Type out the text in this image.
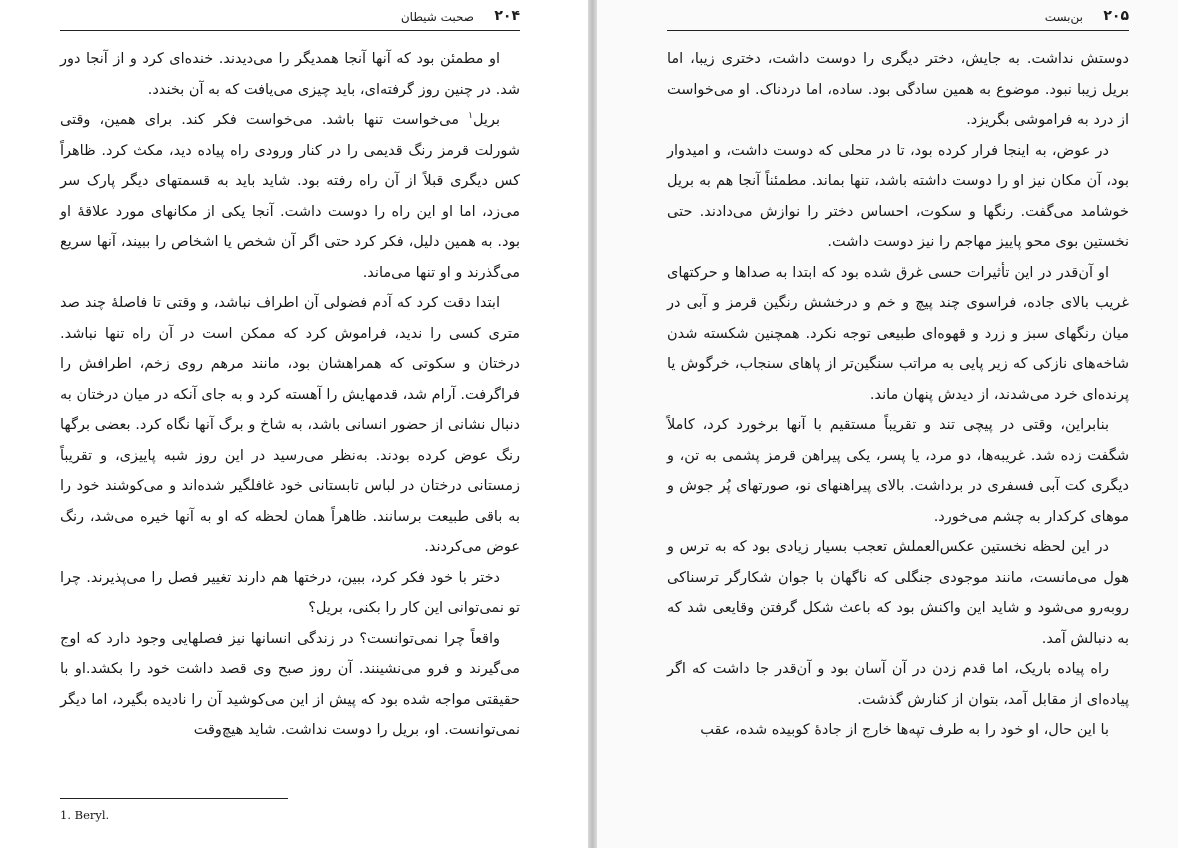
۲۰۴
صحبت شیطان

او مطمئن بود که آنها آنجا همدیگر را می‌دیدند. خنده‌ای کرد و از آنجا دور شد. در چنین روز گرفته‌ای، باید چیزی می‌یافت که به آن بخندد.

بریل$^۱$ می‌خواست تنها باشد. می‌خواست فکر کند. برای همین، وقتی شورلت قرمز رنگ قدیمی را در کنار ورودی راه پیاده دید، مکث کرد. ظاهراً کس دیگری قبلاً از آن راه رفته بود. شاید باید به قسمتهای دیگر پارک سر می‌زد، اما او این راه را دوست داشت. آنجا یکی از مکانهای مورد علاقهٔ او بود. به همین دلیل، فکر کرد حتی اگر آن شخص یا اشخاص را ببیند، آنها سریع می‌گذرند و او تنها می‌ماند.

ابتدا دقت کرد که آدم فضولی آن اطراف نباشد، و وقتی تا فاصلهٔ چند صد متری کسی را ندید، فراموش کرد که ممکن است در آن راه تنها نباشد. درختان و سکوتی که همراهشان بود، مانند مرهم روی زخم، اطرافش را فراگرفت. آرام شد، قدمهایش را آهسته کرد و به جای آنکه در میان درختان به دنبال نشانی از حضور انسانی باشد، به شاخ و برگ آنها نگاه کرد. بعضی برگها رنگ عوض کرده بودند. به‌نظر می‌رسید در این روز شبه پاییزی، و تقریباً زمستانی درختان در لباس تابستانی خود غافلگیر شده‌اند و می‌کوشند خود را به باقی طبیعت برسانند. ظاهراً همان لحظه که او به آنها خیره می‌شد، رنگ عوض می‌کردند.

دختر با خود فکر کرد، ببین، درختها هم دارند تغییر فصل را می‌پذیرند. چرا تو نمی‌توانی این کار را بکنی، بریل؟

واقعاً چرا نمی‌توانست؟ در زندگی انسانها نیز فصلهایی وجود دارد که اوج می‌گیرند و فرو می‌نشینند. آن روز صبح وی قصد داشت خود را بکشد.او با حقیقتی مواجه شده بود که پیش از این می‌کوشید آن را نادیده بگیرد، اما دیگر نمی‌توانست. او، بریل را دوست نداشت. شاید هیچ‌وقت

1. Beryl.
۲۰۵
بن‌بست

دوستش نداشت. به جایش، دختر دیگری را دوست داشت، دختری زیبا، اما بریل زیبا نبود. موضوع به همین سادگی بود. ساده، اما دردناک. او می‌خواست از درد به فراموشی بگریزد.

در عوض، به اینجا فرار کرده بود، تا در محلی که دوست داشت، و امیدوار بود، آن مکان نیز او را دوست داشته باشد، تنها بماند. مطمئناً آنجا هم به بریل خوشامد می‌گفت. رنگها و سکوت، احساس دختر را نوازش می‌دادند. حتی نخستین بوی محو پاییز مهاجم را نیز دوست داشت.

او آن‌قدر در این تأثیرات حسی غرق شده بود که ابتدا به صداها و حرکتهای غریب بالای جاده، فراسوی چند پیچ و خم و درخشش رنگین قرمز و آبی در میان رنگهای سبز و زرد و قهوه‌ای طبیعی توجه نکرد. همچنین شکسته شدن شاخه‌های نازکی که زیر پایی به مراتب سنگین‌تر از پاهای سنجاب، خرگوش یا پرنده‌ای خرد می‌شدند، از دیدش پنهان ماند.

بنابراین، وقتی در پیچی تند و تقریباً مستقیم با آنها برخورد کرد، کاملاً شگفت زده شد. غریبه‌ها، دو مرد، یا پسر، یکی پیراهن قرمز پشمی به تن، و دیگری کت آبی فسفری در برداشت. بالای پیراهنهای نو، صورتهای پُر جوش و موهای کرکدار به چشم می‌خورد.

در این لحظه نخستین عکس‌العملش تعجب بسیار زیادی بود که به ترس و هول می‌مانست، مانند موجودی جنگلی که ناگهان با جوان شکارگر ترسناکی روبه‌رو می‌شود و شاید این واکنش بود که باعث شکل گرفتن وقایعی شد که به دنبالش آمد.

راه پیاده باریک، اما قدم زدن در آن آسان بود و آن‌قدر جا داشت که اگر پیاده‌ای از مقابل آمد، بتوان از کنارش گذشت.

با این حال، او خود را به طرف تپه‌ها خارج از جادهٔ کوبیده شده، عقب
